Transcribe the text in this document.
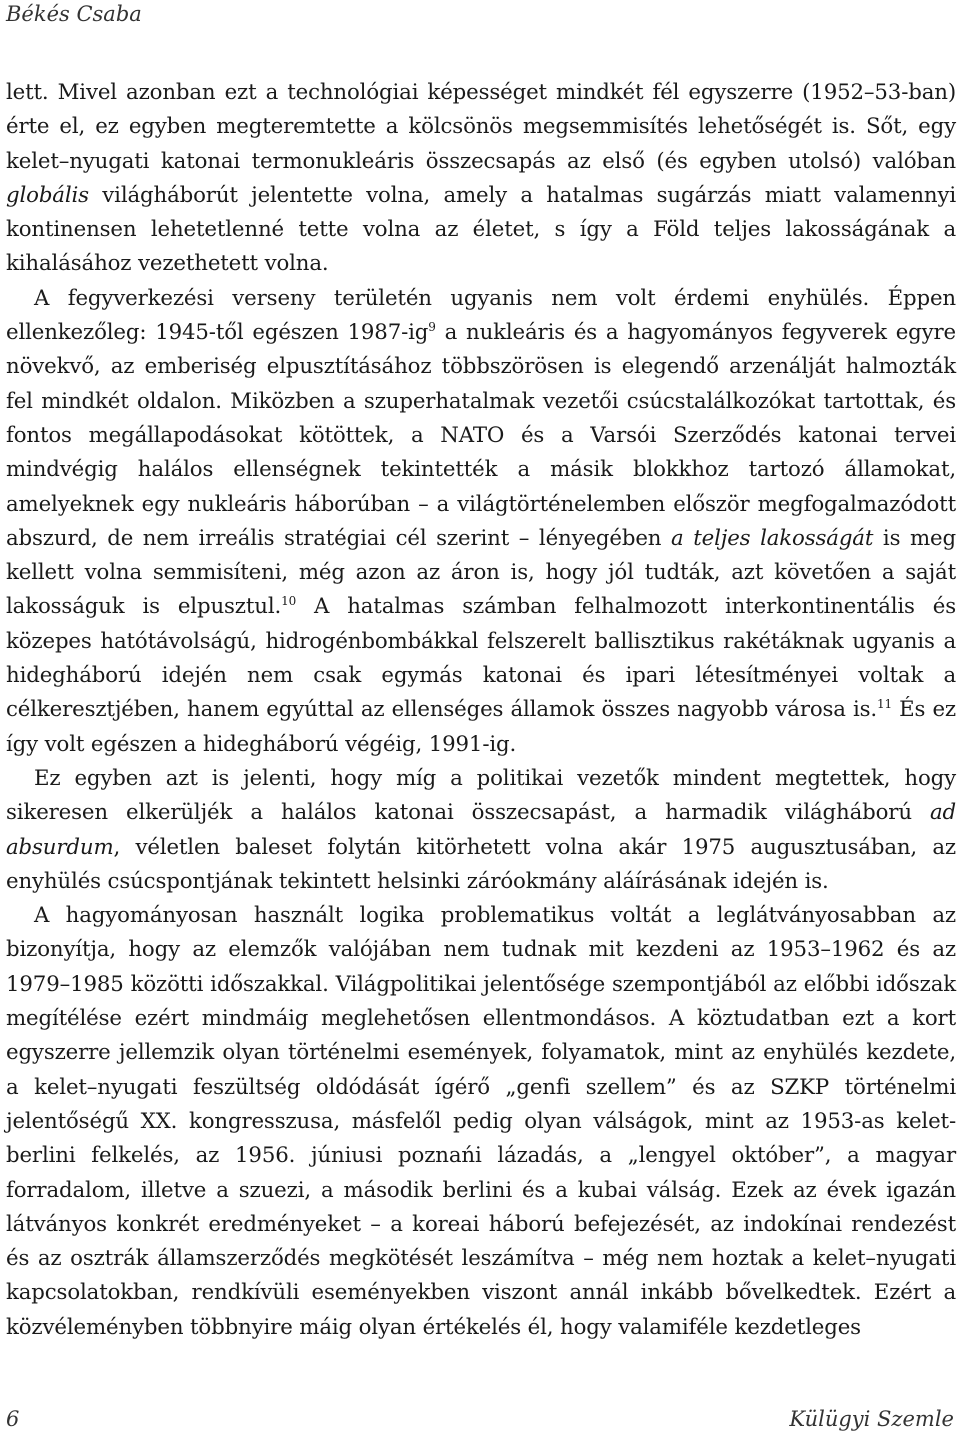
Békés Csaba

lett. Mivel azonban ezt a technológiai képességet mindkét fél egyszerre (1952–53-ban) érte el, ez egyben megteremtette a kölcsönös megsemmisítés lehetőségét is. Sőt, egy kelet–nyugati katonai termonukleáris összecsapás az első (és egyben utolsó) valóban globális világháborút jelentette volna, amely a hatalmas sugárzás miatt valamennyi kontinensen lehetetlenné tette volna az életet, s így a Föld teljes lakosságának a kihalásához vezethetett volna.

A fegyverkezési verseny területén ugyanis nem volt érdemi enyhülés. Éppen ellenkezőleg: 1945-től egészen $1987-ig^9$ a nukleáris és a hagyományos fegyverek egyre növekvő, az emberiség elpusztításához többszörösen is elegendő arzenálját halmozták fel mindkét oldalon. Miközben a szuperhatalmak vezetői csúcstalálkozókat tartottak, és fontos megállapodásokat kötöttek, a NATO és a Varsói Szerződés katonai tervei mindvégig halálos ellenségnek tekintették a másik blokkhoz tartozó államokat, amelyeknek egy nukleáris háborúban – a világtörténelemben először megfogalmazódott abszurd, de nem irreális stratégiai cél szerint – lényegében a teljes lakosságát is meg kellett volna semmisíteni, még azon az áron is, hogy jól tudták, azt követően a saját lakosságuk is elpusztul.$^{10}$ A hatalmas számban felhalmozott interkontinentális és közepes hatótávolságú, hidrogénbombákkal felszerelt ballisztikus rakétáknak ugyanis a hidegháború idején nem csak egymás katonai és ipari létesítményei voltak a célkeresztjében, hanem egyúttal az ellenséges államok összes nagyobb városa is.$^{11}$ És ez így volt egészen a hidegháború végéig, 1991-ig.

Ez egyben azt is jelenti, hogy míg a politikai vezetők mindent megtettek, hogy sikeresen elkerüljék a halálos katonai összecsapást, a harmadik világháború ad absurdum, véletlen baleset folytán kitörhetett volna akár 1975 augusztusában, az enyhülés csúcspontjának tekintett helsinki záróokmány aláírásának idején is.

A hagyományosan használt logika problematikus voltát a leglátványosabban az bizonyítja, hogy az elemzők valójában nem tudnak mit kezdeni az 1953–1962 és az 1979–1985 közötti időszakkal. Világpolitikai jelentősége szempontjából az előbbi időszak megítélése ezért mindmáig meglehetősen ellentmondásos. A köztudatban ezt a kort egyszerre jellemzik olyan történelmi események, folyamatok, mint az enyhülés kezdete, a kelet–nyugati feszültség oldódását ígérő „genfi szellem” és az SZKP történelmi jelentőségű XX. kongresszusa, másfelől pedig olyan válságok, mint az 1953-as kelet-berlini felkelés, az 1956. júniusi poznańi lázadás, a „lengyel október”, a magyar forradalom, illetve a szuezi, a második berlini és a kubai válság. Ezek az évek igazán látványos konkrét eredményeket – a koreai háború befejezését, az indokínai rendezést és az osztrák államszerződés megkötését leszámítva – még nem hoztak a kelet–nyugati kapcsolatokban, rendkívüli eseményekben viszont annál inkább bővelkedtek. Ezért a közvéleményben többnyire máig olyan értékelés él, hogy valamiféle kezdetleges

6	Külügyi Szemle
